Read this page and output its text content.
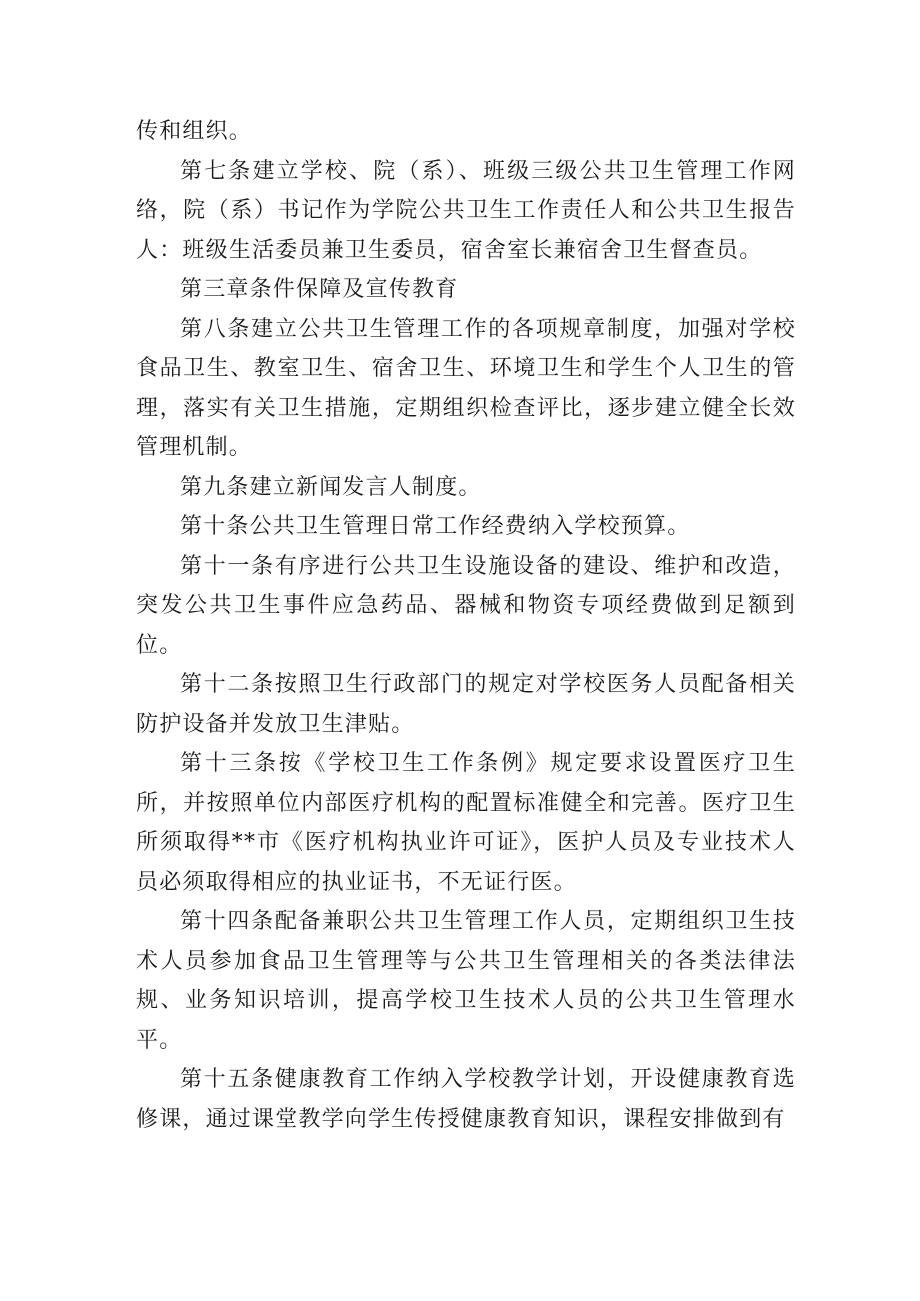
传和组织。

第七条建立学校、院（系）、班级三级公共卫生管理工作网络，院（系）书记作为学院公共卫生工作责任人和公共卫生报告人：班级生活委员兼卫生委员，宿舍室长兼宿舍卫生督查员。

第三章条件保障及宣传教育

第八条建立公共卫生管理工作的各项规章制度，加强对学校食品卫生、教室卫生、宿舍卫生、环境卫生和学生个人卫生的管理，落实有关卫生措施，定期组织检查评比，逐步建立健全长效管理机制。

第九条建立新闻发言人制度。

第十条公共卫生管理日常工作经费纳入学校预算。

第十一条有序进行公共卫生设施设备的建设、维护和改造，突发公共卫生事件应急药品、器械和物资专项经费做到足额到位。

第十二条按照卫生行政部门的规定对学校医务人员配备相关防护设备并发放卫生津贴。

第十三条按《学校卫生工作条例》规定要求设置医疗卫生所，并按照单位内部医疗机构的配置标准健全和完善。医疗卫生所须取得**市《医疗机构执业许可证》，医护人员及专业技术人员必须取得相应的执业证书，不无证行医。

第十四条配备兼职公共卫生管理工作人员，定期组织卫生技术人员参加食品卫生管理等与公共卫生管理相关的各类法律法规、业务知识培训，提高学校卫生技术人员的公共卫生管理水平。

第十五条健康教育工作纳入学校教学计划，开设健康教育选修课，通过课堂教学向学生传授健康教育知识，课程安排做到有
